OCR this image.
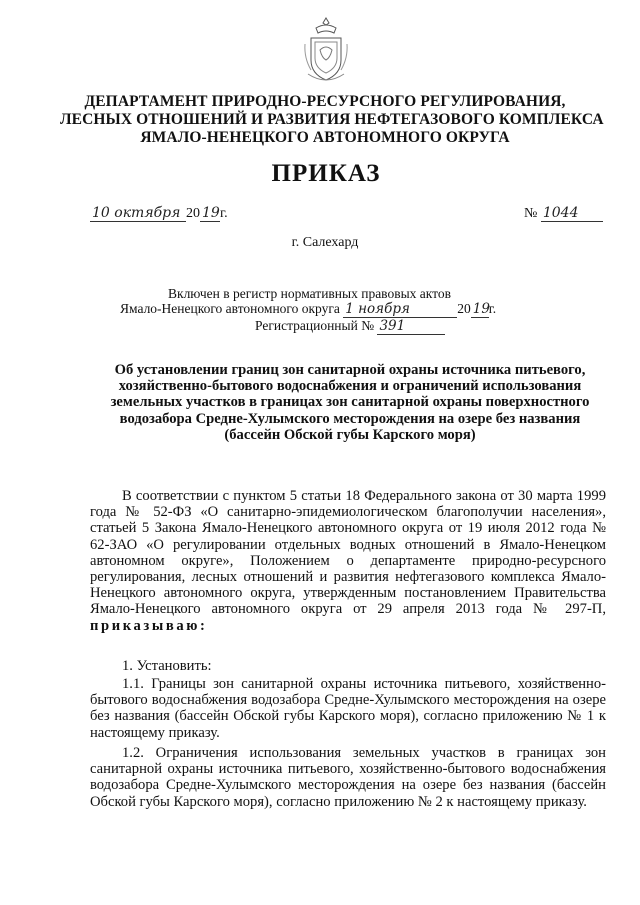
ДЕПАРТАМЕНТ ПРИРОДНО-РЕСУРСНОГО РЕГУЛИРОВАНИЯ,
ЛЕСНЫХ ОТНОШЕНИЙ И РАЗВИТИЯ НЕФТЕГАЗОВОГО КОМПЛЕКСА
ЯМАЛО-НЕНЕЦКОГО АВТОНОМНОГО ОКРУГА
ПРИКАЗ
10 октября 20 19г.	№ 1044
г. Салехард
Включен в регистр нормативных правовых актов
Ямало-Ненецкого автономного округа 1 ноября	20 19г.
Регистрационный № 391
Об установлении границ зон санитарной охраны источника питьевого,
хозяйственно-бытового водоснабжения и ограничений использования
земельных участков в границах зон санитарной охраны поверхностного
водозабора Средне-Хулымского месторождения на озере без названия
(бассейн Обской губы Карского моря)
В соответствии с пунктом 5 статьи 18 Федерального закона от 30 марта 1999 года № 52-ФЗ «О санитарно-эпидемиологическом благополучии населения», статьей 5 Закона Ямало-Ненецкого автономного округа от 19 июля 2012 года № 62-ЗАО «О регулировании отдельных водных отношений в Ямало-Ненецком автономном округе», Положением о департаменте природно-ресурсного регулирования, лесных отношений и развития нефтегазового комплекса Ямало-Ненецкого автономного округа, утвержденным постановлением Правительства Ямало-Ненецкого автономного округа от 29 апреля 2013 года № 297-П, приказываю:
1. Установить:
1.1. Границы зон санитарной охраны источника питьевого, хозяйственно-бытового водоснабжения водозабора Средне-Хулымского месторождения на озере без названия (бассейн Обской губы Карского моря), согласно приложению № 1 к настоящему приказу.
1.2. Ограничения использования земельных участков в границах зон санитарной охраны источника питьевого, хозяйственно-бытового водоснабжения водозабора Средне-Хулымского месторождения на озере без названия (бассейн Обской губы Карского моря), согласно приложению № 2 к настоящему приказу.
